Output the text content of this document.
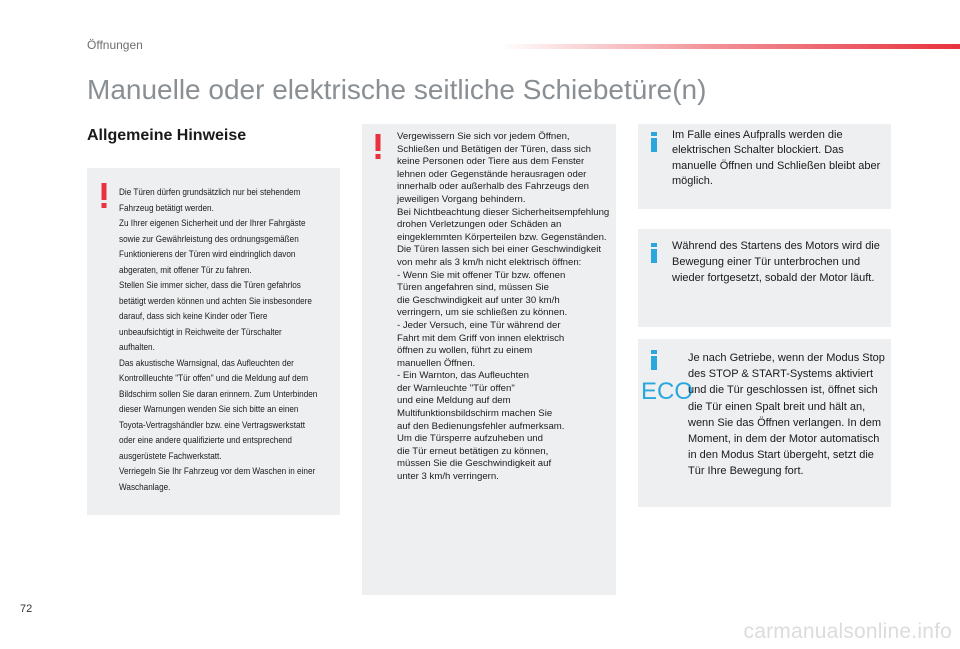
Öffnungen
Manuelle oder elektrische seitliche Schiebetüre(n)
Allgemeine Hinweise
Die Türen dürfen grundsätzlich nur bei stehendem Fahrzeug betätigt werden.
Zu Ihrer eigenen Sicherheit und der Ihrer Fahrgäste sowie zur Gewährleistung des ordnungsgemäßen Funktionierens der Türen wird eindringlich davon abgeraten, mit offener Tür zu fahren.
Stellen Sie immer sicher, dass die Türen gefahrlos betätigt werden können und achten Sie insbesondere darauf, dass sich keine Kinder oder Tiere unbeaufsichtigt in Reichweite der Türschalter aufhalten.
Das akustische Warnsignal, das Aufleuchten der Kontrollleuchte "Tür offen" und die Meldung auf dem Bildschirm sollen Sie daran erinnern. Zum Unterbinden dieser Warnungen wenden Sie sich bitte an einen Toyota-Vertragshändler bzw. eine Vertragswerkstatt oder eine andere qualifizierte und entsprechend ausgerüstete Fachwerkstatt.
Verriegeln Sie Ihr Fahrzeug vor dem Waschen in einer Waschanlage.
Vergewissern Sie sich vor jedem Öffnen, Schließen und Betätigen der Türen, dass sich keine Personen oder Tiere aus dem Fenster lehnen oder Gegenstände herausragen oder innerhalb oder außerhalb des Fahrzeugs den jeweiligen Vorgang behindern.
Bei Nichtbeachtung dieser Sicherheitsempfehlung drohen Verletzungen oder Schäden an eingeklemmten Körperteilen bzw. Gegenständen.
Die Türen lassen sich bei einer Geschwindigkeit von mehr als 3 km/h nicht elektrisch öffnen:
- Wenn Sie mit offener Tür bzw. offenen
Türen angefahren sind, müssen Sie
die Geschwindigkeit auf unter 30 km/h
verringern, um sie schließen zu können.
- Jeder Versuch, eine Tür während der
Fahrt mit dem Griff von innen elektrisch
öffnen zu wollen, führt zu einem
manuellen Öffnen.
- Ein Warnton, das Aufleuchten
der Warnleuchte "Tür offen"
und eine Meldung auf dem
Multifunktionsbildschirm machen Sie
auf den Bedienungsfehler aufmerksam.
Um die Türsperre aufzuheben und
die Tür erneut betätigen zu können,
müssen Sie die Geschwindigkeit auf
unter 3 km/h verringern.
Im Falle eines Aufpralls werden die elektrischen Schalter blockiert. Das manuelle Öffnen und Schließen bleibt aber möglich.
Während des Startens des Motors wird die Bewegung einer Tür unterbrochen und wieder fortgesetzt, sobald der Motor läuft.
ECO
Je nach Getriebe, wenn der Modus Stop des STOP & START-Systems aktiviert und die Tür geschlossen ist, öffnet sich die Tür einen Spalt breit und hält an, wenn Sie das Öffnen verlangen. In dem Moment, in dem der Motor automatisch in den Modus Start übergeht, setzt die Tür Ihre Bewegung fort.
72
carmanualsonline.info
